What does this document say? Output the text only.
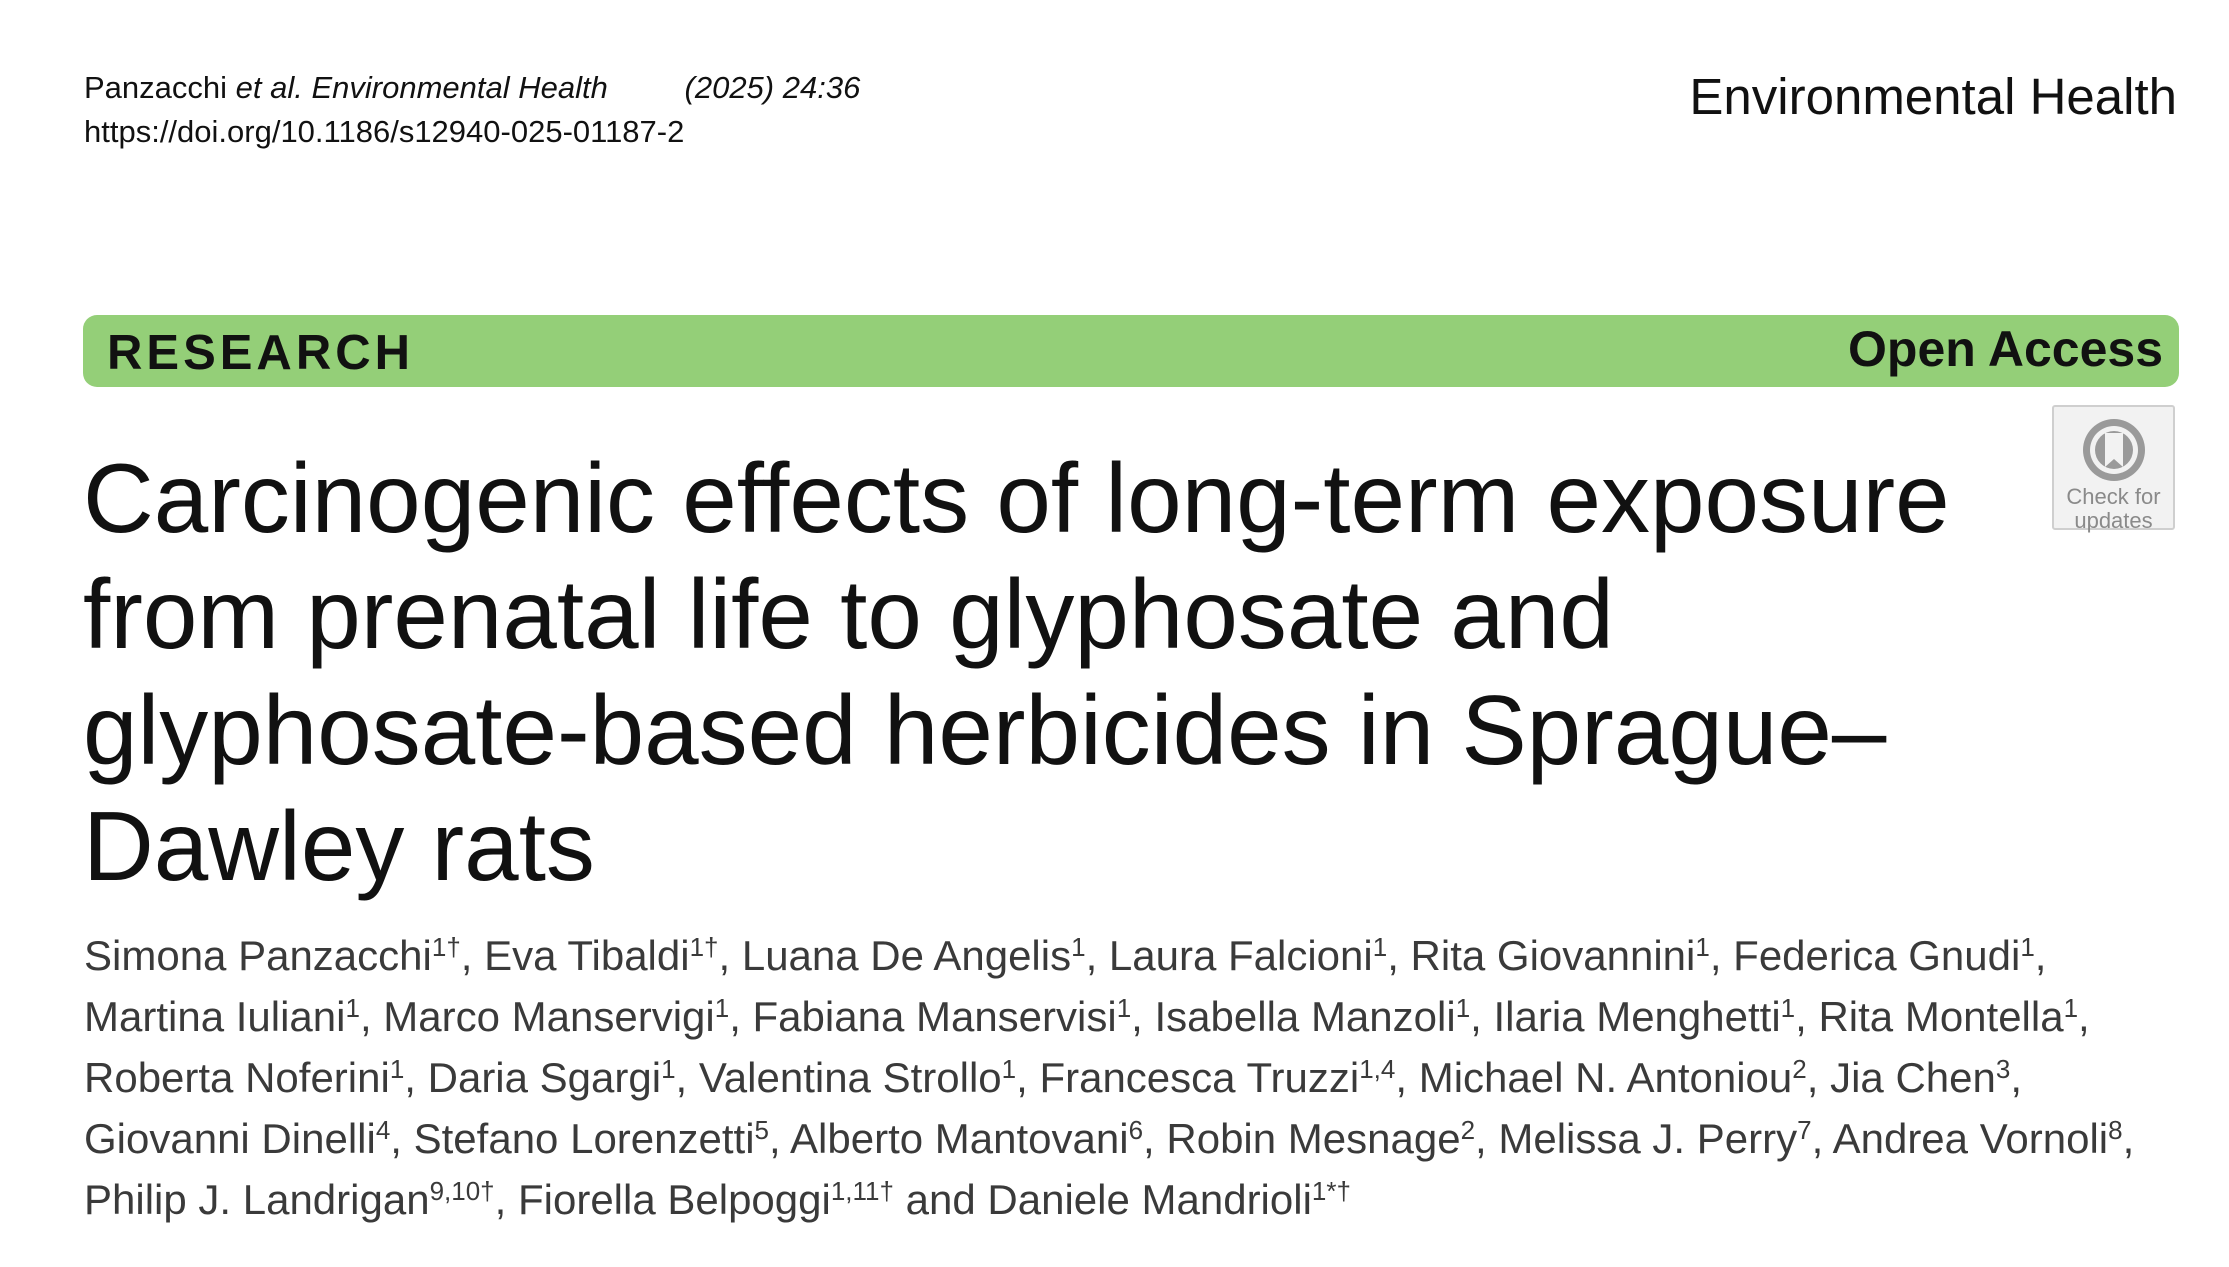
Panzacchi et al. Environmental Health (2025) 24:36
https://doi.org/10.1186/s12940-025-01187-2
Environmental Health
RESEARCH	Open Access
Check for
updates
Carcinogenic effects of long-term exposure from prenatal life to glyphosate and glyphosate-based herbicides in Sprague–Dawley rats
Simona Panzacchi$^{1\dagger}$, Eva Tibaldi$^{1\dagger}$, Luana De Angelis$^1$, Laura Falcioni$^1$, Rita Giovannini$^1$, Federica Gnudi$^1$, Martina Iuliani$^1$, Marco Manservigi$^1$, Fabiana Manservisi$^1$, Isabella Manzoli$^1$, Ilaria Menghetti$^1$, Rita Montella$^1$, Roberta Noferini$^1$, Daria Sgargi$^1$, Valentina Strollo$^1$, Francesca Truzzi$^{1,4}$, Michael N. Antoniou$^2$, Jia Chen$^3$, Giovanni Dinelli$^4$, Stefano Lorenzetti$^5$, Alberto Mantovani$^6$, Robin Mesnage$^2$, Melissa J. Perry$^7$, Andrea Vornoli$^8$, Philip J. Landrigan$^{9,10\dagger}$, Fiorella Belpoggi$^{1,11\dagger}$ and Daniele Mandrioli$^{1*\dagger}$
